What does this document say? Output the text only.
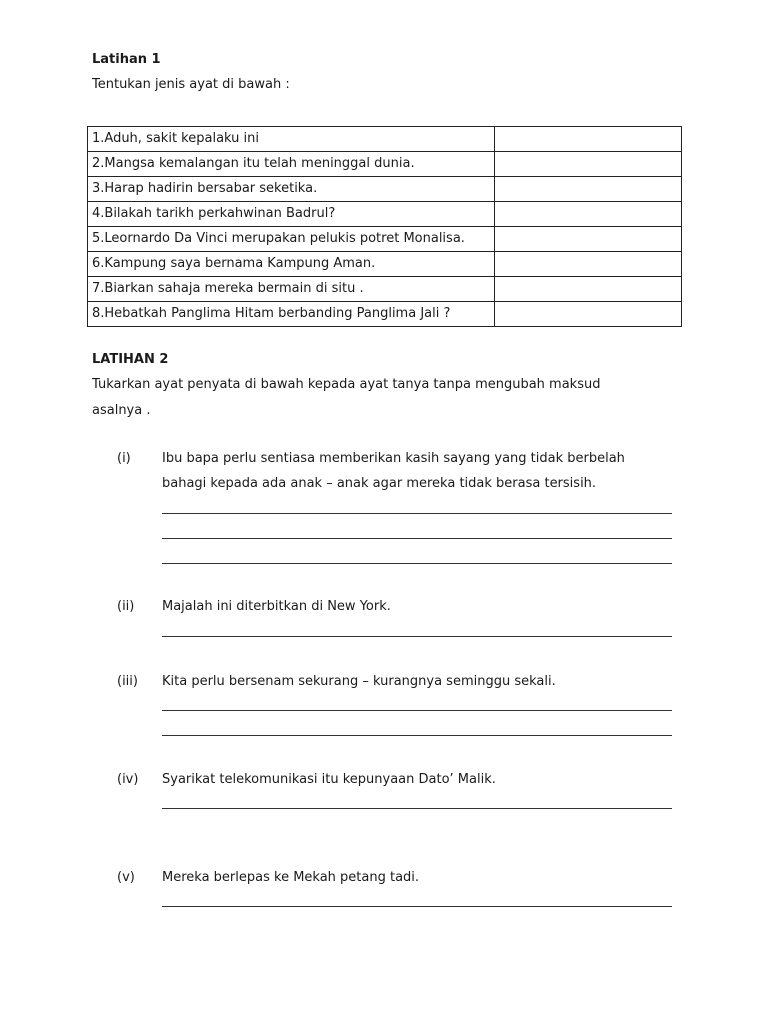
Latihan 1
Tentukan jenis ayat di bawah :
1.Aduh, sakit kepalaku ini	
2.Mangsa kemalangan itu telah meninggal dunia.	
3.Harap hadirin bersabar seketika.	
4.Bilakah tarikh perkahwinan Badrul?	
5.Leornardo Da Vinci merupakan pelukis potret Monalisa.	
6.Kampung saya bernama Kampung Aman.	
7.Biarkan sahaja mereka bermain di situ .	
8.Hebatkah Panglima Hitam berbanding Panglima Jali ?	
LATIHAN 2
Tukarkan ayat penyata di bawah kepada ayat tanya tanpa mengubah maksud
asalnya .
(i) Ibu bapa perlu sentiasa memberikan kasih sayang yang tidak berbelah
bahagi kepada ada anak – anak agar mereka tidak berasa tersisih.
(ii) Majalah ini diterbitkan di New York.
(iii) Kita perlu bersenam sekurang – kurangnya seminggu sekali.
(iv) Syarikat telekomunikasi itu kepunyaan Dato’ Malik.
(v) Mereka berlepas ke Mekah petang tadi.
